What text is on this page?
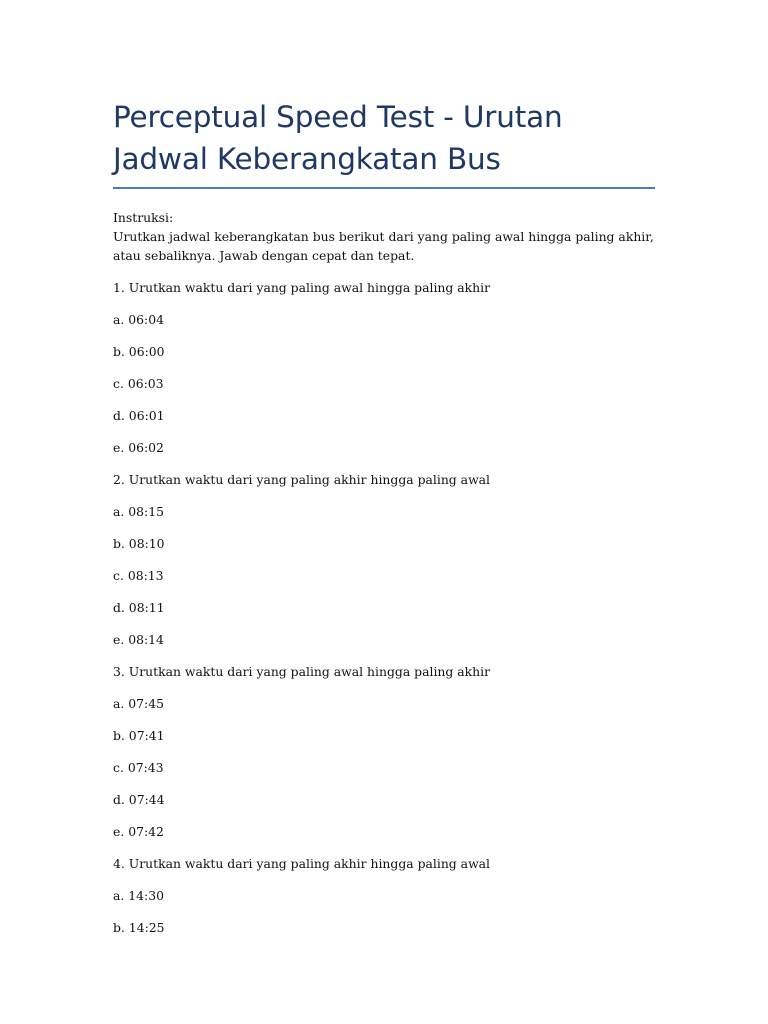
Perceptual Speed Test - Urutan Jadwal Keberangkatan Bus
Instruksi:
Urutkan jadwal keberangkatan bus berikut dari yang paling awal hingga paling akhir, atau sebaliknya. Jawab dengan cepat dan tepat.
1. Urutkan waktu dari yang paling awal hingga paling akhir
a. 06:04
b. 06:00
c. 06:03
d. 06:01
e. 06:02
2. Urutkan waktu dari yang paling akhir hingga paling awal
a. 08:15
b. 08:10
c. 08:13
d. 08:11
e. 08:14
3. Urutkan waktu dari yang paling awal hingga paling akhir
a. 07:45
b. 07:41
c. 07:43
d. 07:44
e. 07:42
4. Urutkan waktu dari yang paling akhir hingga paling awal
a. 14:30
b. 14:25
